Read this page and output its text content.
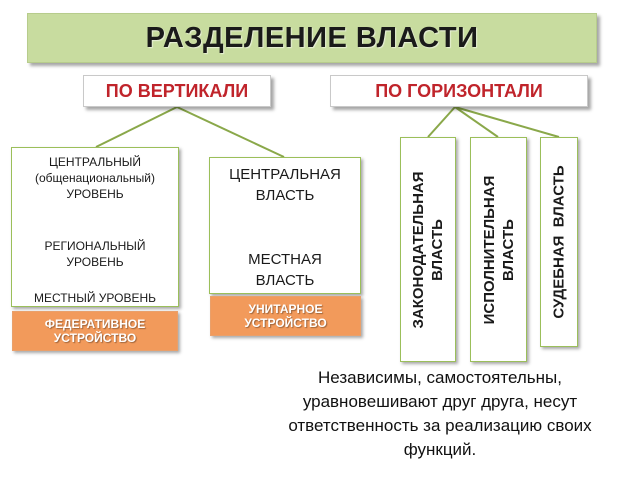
РАЗДЕЛЕНИЕ ВЛАСТИ
ПО ВЕРТИКАЛИ	ПО ГОРИЗОНТАЛИ
ЦЕНТРАЛЬНЫЙ
(общенациональный)
УРОВЕНЬ
РЕГИОНАЛЬНЫЙ
УРОВЕНЬ
МЕСТНЫЙ УРОВЕНЬ
ФЕДЕРАТИВНОЕ
УСТРОЙСТВО
ЦЕНТРАЛЬНАЯ
ВЛАСТЬ
МЕСТНАЯ
ВЛАСТЬ
УНИТАРНОЕ
УСТРОЙСТВО	ЗАКОНОДАТЕЛЬНАЯ ВЛАСТЬ ИСПОЛНИТЕЛЬНАЯ ВЛАСТЬ СУДЕБНАЯ  ВЛАСТЬ
Независимы, самостоятельны,
уравновешивают друг друга, несут
ответственность за реализацию своих
функций.
